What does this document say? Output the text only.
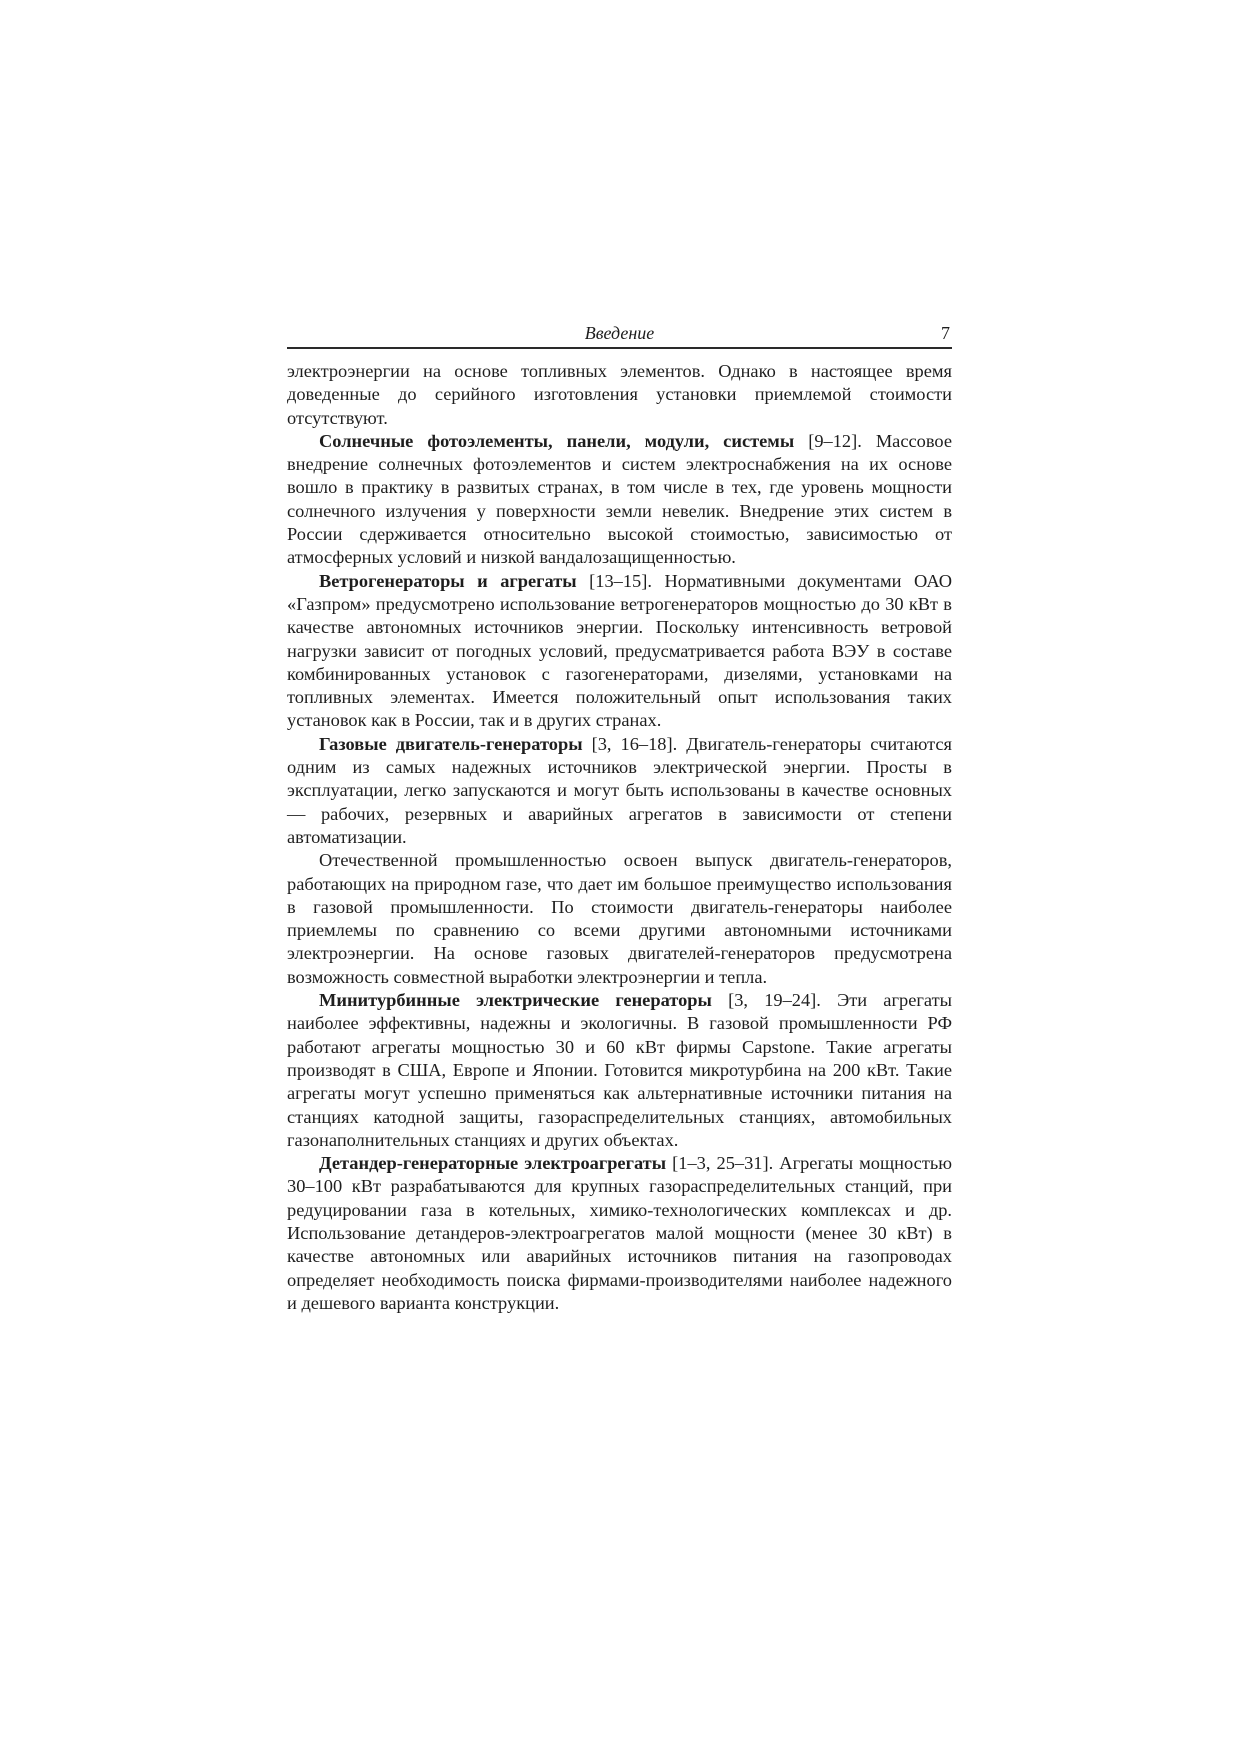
Введение	7

электроэнергии на основе топливных элементов. Однако в настоящее время доведенные до серийного изготовления установки приемлемой стоимости отсутствуют.

Солнечные фотоэлементы, панели, модули, системы [9–12]. Массовое внедрение солнечных фотоэлементов и систем электроснабжения на их основе вошло в практику в развитых странах, в том числе в тех, где уровень мощности солнечного излучения у поверхности земли невелик. Внедрение этих систем в России сдерживается относительно высокой стоимостью, зависимостью от атмосферных условий и низкой вандалозащищенностью.

Ветрогенераторы и агрегаты [13–15]. Нормативными документами ОАО «Газпром» предусмотрено использование ветрогенераторов мощностью до 30 кВт в качестве автономных источников энергии. Поскольку интенсивность ветровой нагрузки зависит от погодных условий, предусматривается работа ВЭУ в составе комбинированных установок с газогенераторами, дизелями, установками на топливных элементах. Имеется положительный опыт использования таких установок как в России, так и в других странах.

Газовые двигатель-генераторы [3, 16–18]. Двигатель-генераторы считаются одним из самых надежных источников электрической энергии. Просты в эксплуатации, легко запускаются и могут быть использованы в качестве основных — рабочих, резервных и аварийных агрегатов в зависимости от степени автоматизации.

Отечественной промышленностью освоен выпуск двигатель-генераторов, работающих на природном газе, что дает им большое преимущество использования в газовой промышленности. По стоимости двигатель-генераторы наиболее приемлемы по сравнению со всеми другими автономными источниками электроэнергии. На основе газовых двигателей-генераторов предусмотрена возможность совместной выработки электроэнергии и тепла.

Минитурбинные электрические генераторы [3, 19–24]. Эти агрегаты наиболее эффективны, надежны и экологичны. В газовой промышленности РФ работают агрегаты мощностью 30 и 60 кВт фирмы Capstone. Такие агрегаты производят в США, Европе и Японии. Готовится микротурбина на 200 кВт. Такие агрегаты могут успешно применяться как альтернативные источники питания на станциях катодной защиты, газораспределительных станциях, автомобильных газонаполнительных станциях и других объектах.

Детандер-генераторные электроагрегаты [1–3, 25–31]. Агрегаты мощностью 30–100 кВт разрабатываются для крупных газораспределительных станций, при редуцировании газа в котельных, химико-технологических комплексах и др. Использование детандеров-электроагрегатов малой мощности (менее 30 кВт) в качестве автономных или аварийных источников питания на газопроводах определяет необходимость поиска фирмами-производителями наиболее надежного и дешевого варианта конструкции.
